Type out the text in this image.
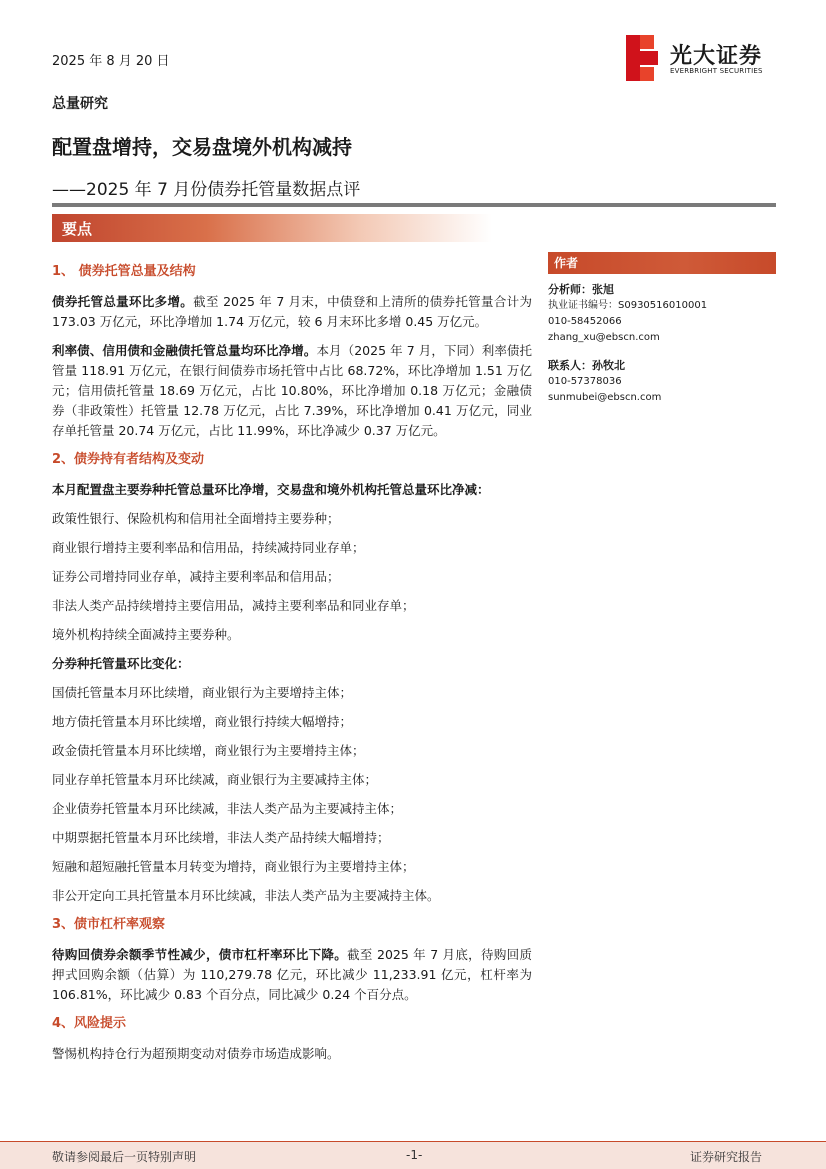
2025 年 8 月 20 日	光大证券
EVERBRIGHT SECURITIES
总量研究
配置盘增持，交易盘境外机构减持
——2025 年 7 月份债券托管量数据点评
要点
1、 债券托管总量及结构

债券托管总量环比多增。截至 2025 年 7 月末，中债登和上清所的债券托管量合计为 173.03 万亿元，环比净增加 1.74 万亿元，较 6 月末环比多增 0.45 万亿元。

利率债、信用债和金融债托管总量均环比净增。本月（2025 年 7 月，下同）利率债托管量 118.91 万亿元，在银行间债券市场托管中占比 68.72%，环比净增加 1.51 万亿元；信用债托管量 18.69 万亿元，占比 10.80%，环比净增加 0.18 万亿元；金融债券（非政策性）托管量 12.78 万亿元，占比 7.39%，环比净增加 0.41 万亿元，同业存单托管量 20.74 万亿元，占比 11.99%，环比净减少 0.37 万亿元。

2、债券持有者结构及变动

本月配置盘主要券种托管总量环比净增，交易盘和境外机构托管总量环比净减：

政策性银行、保险机构和信用社全面增持主要券种；
商业银行增持主要利率品和信用品，持续减持同业存单；
证券公司增持同业存单，减持主要利率品和信用品；
非法人类产品持续增持主要信用品，减持主要利率品和同业存单；
境外机构持续全面减持主要券种。

分券种托管量环比变化：

国债托管量本月环比续增，商业银行为主要增持主体；
地方债托管量本月环比续增，商业银行持续大幅增持；
政金债托管量本月环比续增，商业银行为主要增持主体；
同业存单托管量本月环比续减，商业银行为主要减持主体；
企业债券托管量本月环比续减，非法人类产品为主要减持主体；
中期票据托管量本月环比续增，非法人类产品持续大幅增持；
短融和超短融托管量本月转变为增持，商业银行为主要增持主体；
非公开定向工具托管量本月环比续减，非法人类产品为主要减持主体。
3、债市杠杆率观察

待购回债券余额季节性减少，债市杠杆率环比下降。截至 2025 年 7 月底，待购回质押式回购余额（估算）为 110,279.78 亿元，环比减少 11,233.91 亿元，杠杆率为 106.81%，环比减少 0.83 个百分点，同比减少 0.24 个百分点。

4、风险提示

警惕机构持仓行为超预期变动对债券市场造成影响。

作者
分析师：张旭
执业证书编号：S0930516010001
010-58452066
zhang_xu@ebscn.com
联系人：孙牧北
010-57378036
sunmubei@ebscn.com
敬请参阅最后一页特别声明	-1-	证券研究报告
